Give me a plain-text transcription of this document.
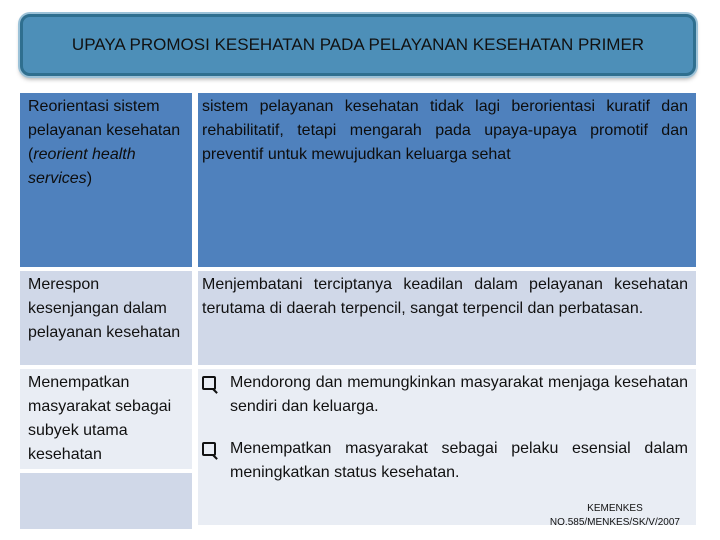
UPAYA PROMOSI KESEHATAN PADA PELAYANAN KESEHATAN PRIMER
Reorientasi sistem pelayanan kesehatan (reorient health services)
sistem pelayanan kesehatan tidak lagi berorientasi kuratif dan rehabilitatif, tetapi mengarah pada upaya-upaya promotif dan preventif untuk mewujudkan keluarga sehat
Merespon kesenjangan dalam pelayanan kesehatan
Menjembatani terciptanya keadilan dalam pelayanan kesehatan terutama di daerah terpencil, sangat terpencil dan perbatasan.
Menempatkan masyarakat sebagai subyek utama kesehatan
Mendorong dan memungkinkan masyarakat menjaga kesehatan sendiri dan keluarga.
Menempatkan masyarakat sebagai pelaku esensial dalam meningkatkan status kesehatan.
KEMENKES
NO.585/MENKES/SK/V/2007
